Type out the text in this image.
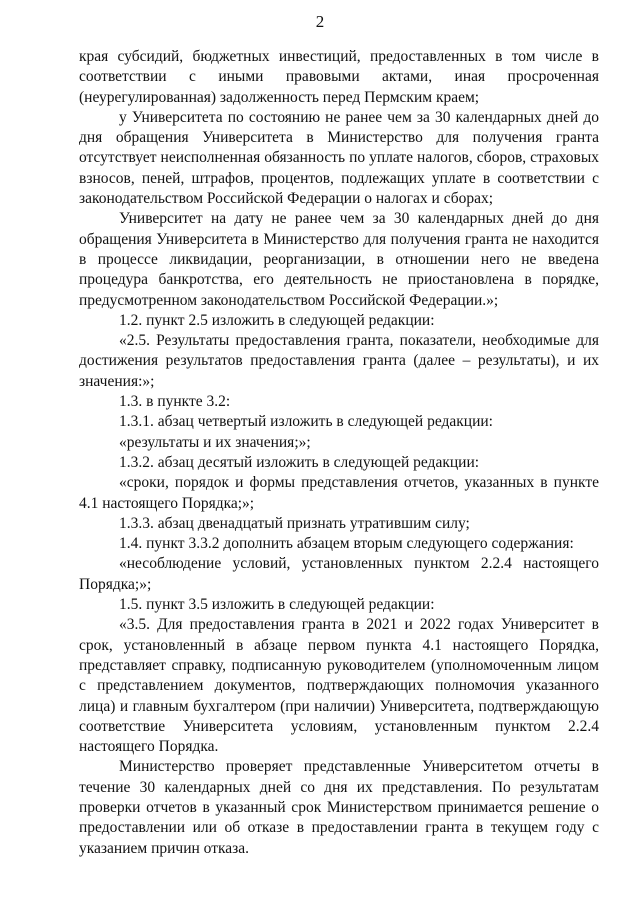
2

края субсидий, бюджетных инвестиций, предоставленных в том числе в соответствии с иными правовыми актами, иная просроченная (неурегулированная) задолженность перед Пермским краем;

у Университета по состоянию не ранее чем за 30 календарных дней до дня обращения Университета в Министерство для получения гранта отсутствует неисполненная обязанность по уплате налогов, сборов, страховых взносов, пеней, штрафов, процентов, подлежащих уплате в соответствии с законодательством Российской Федерации о налогах и сборах;

Университет на дату не ранее чем за 30 календарных дней до дня обращения Университета в Министерство для получения гранта не находится в процессе ликвидации, реорганизации, в отношении него не введена процедура банкротства, его деятельность не приостановлена в порядке, предусмотренном законодательством Российской Федерации.»;

1.2. пункт 2.5 изложить в следующей редакции:

«2.5. Результаты предоставления гранта, показатели, необходимые для достижения результатов предоставления гранта (далее – результаты), и их значения:»;

1.3. в пункте 3.2:

1.3.1. абзац четвертый изложить в следующей редакции:

«результаты и их значения;»;

1.3.2. абзац десятый изложить в следующей редакции:

«сроки, порядок и формы представления отчетов, указанных в пункте 4.1 настоящего Порядка;»;

1.3.3. абзац двенадцатый признать утратившим силу;

1.4. пункт 3.3.2 дополнить абзацем вторым следующего содержания:

«несоблюдение условий, установленных пунктом 2.2.4 настоящего Порядка;»;

1.5. пункт 3.5 изложить в следующей редакции:

«3.5. Для предоставления гранта в 2021 и 2022 годах Университет в срок, установленный в абзаце первом пункта 4.1 настоящего Порядка, представляет справку, подписанную руководителем (уполномоченным лицом с представлением документов, подтверждающих полномочия указанного лица) и главным бухгалтером (при наличии) Университета, подтверждающую соответствие Университета условиям, установленным пунктом 2.2.4 настоящего Порядка.

Министерство проверяет представленные Университетом отчеты в течение 30 календарных дней со дня их представления. По результатам проверки отчетов в указанный срок Министерством принимается решение о предоставлении или об отказе в предоставлении гранта в текущем году с указанием причин отказа.
